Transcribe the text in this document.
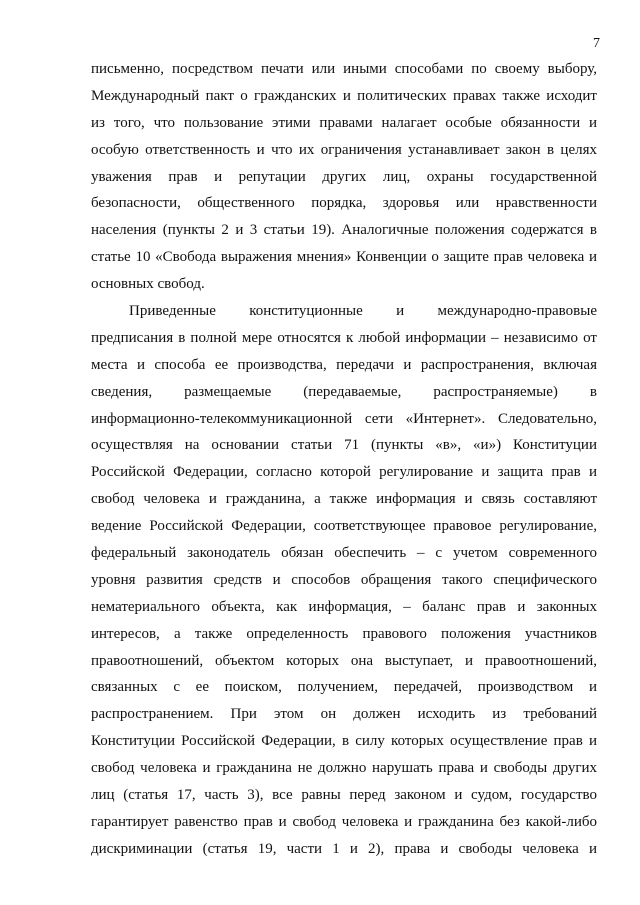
7
письменно, посредством печати или иными способами по своему выбору,
Международный пакт о гражданских и политических правах также исходит
из того, что пользование этими правами налагает особые обязанности и
особую ответственность и что их ограничения устанавливает закон в целях
уважения прав и репутации других лиц, охраны государственной
безопасности, общественного порядка, здоровья или нравственности
населения (пункты 2 и 3 статьи 19). Аналогичные положения содержатся в
статье 10 «Свобода выражения мнения» Конвенции о защите прав человека и
основных свобод.
Приведенные конституционные и международно-правовые
предписания в полной мере относятся к любой информации – независимо от
места и способа ее производства, передачи и распространения, включая
сведения, размещаемые (передаваемые, распространяемые) в
информационно-телекоммуникационной сети «Интернет». Следовательно,
осуществляя на основании статьи 71 (пункты «в», «и») Конституции
Российской Федерации, согласно которой регулирование и защита прав и
свобод человека и гражданина, а также информация и связь составляют
ведение Российской Федерации, соответствующее правовое регулирование,
федеральный законодатель обязан обеспечить – с учетом современного
уровня развития средств и способов обращения такого специфического
нематериального объекта, как информация, – баланс прав и законных
интересов, а также определенность правового положения участников
правоотношений, объектом которых она выступает, и правоотношений,
связанных с ее поиском, получением, передачей, производством и
распространением. При этом он должен исходить из требований
Конституции Российской Федерации, в силу которых осуществление прав и
свобод человека и гражданина не должно нарушать права и свободы других
лиц (статья 17, часть 3), все равны перед законом и судом, государство
гарантирует равенство прав и свобод человека и гражданина без какой-либо
дискриминации (статья 19, части 1 и 2), права и свободы человека и
